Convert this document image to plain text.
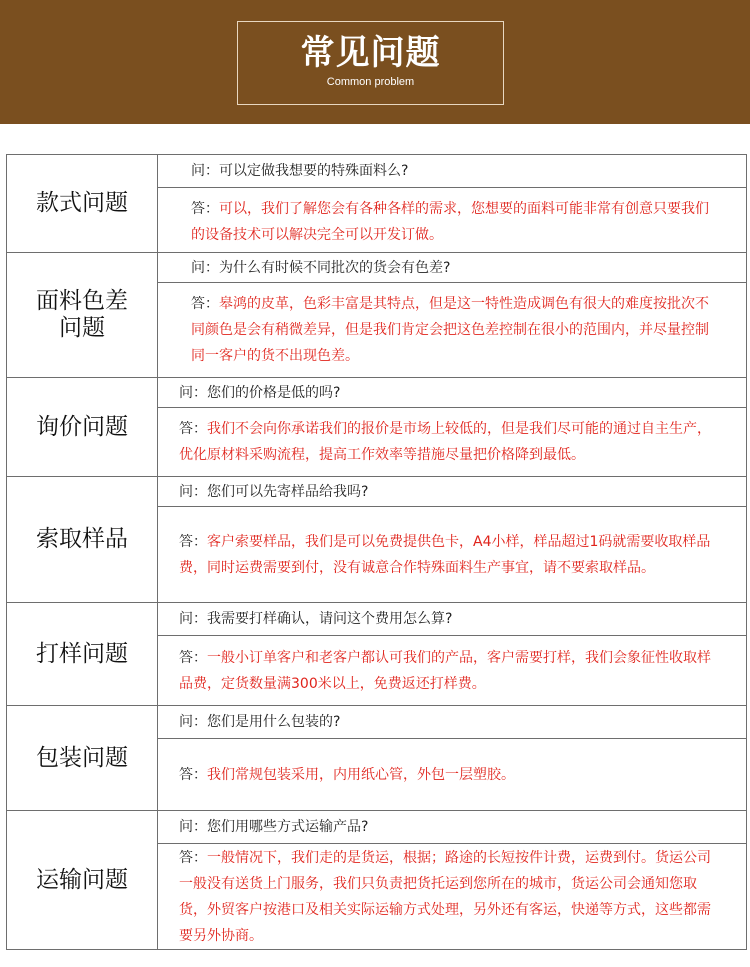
常见问题
Common problem
款式问题	问：可以定做我想要的特殊面料么?
	答：可以，我们了解您会有各种各样的需求，您想要的面料可能非常有创意只要我们的设备技术可以解决完全可以开发订做。
面料色差问题	问：为什么有时候不同批次的货会有色差?
	答：皋鸿的皮革，色彩丰富是其特点，但是这一特性造成调色有很大的难度按批次不同颜色是会有稍微差异，但是我们肯定会把这色差控制在很小的范围内，并尽量控制同一客户的货不出现色差。
询价问题	问：您们的价格是低的吗?
	答：我们不会向你承诺我们的报价是市场上较低的，但是我们尽可能的通过自主生产，优化原材料采购流程，提高工作效率等措施尽量把价格降到最低。
索取样品	问：您们可以先寄样品给我吗?
	答：客户索要样品，我们是可以免费提供色卡，A4小样，样品超过1码就需要收取样品费，同时运费需要到付，没有诚意合作特殊面料生产事宜，请不要索取样品。
打样问题	问：我需要打样确认，请问这个费用怎么算?
	答：一般小订单客户和老客户都认可我们的产品，客户需要打样，我们会象征性收取样品费，定货数量满300米以上，免费返还打样费。
包装问题	问：您们是用什么包装的?
	答：我们常规包装采用，内用纸心管，外包一层塑胶。
运输问题	问：您们用哪些方式运输产品?
	答：一般情况下，我们走的是货运，根据；路途的长短按件计费，运费到付。货运公司一般没有送货上门服务，我们只负责把货托运到您所在的城市，货运公司会通知您取货，外贸客户按港口及相关实际运输方式处理，另外还有客运，快递等方式，这些都需要另外协商。
